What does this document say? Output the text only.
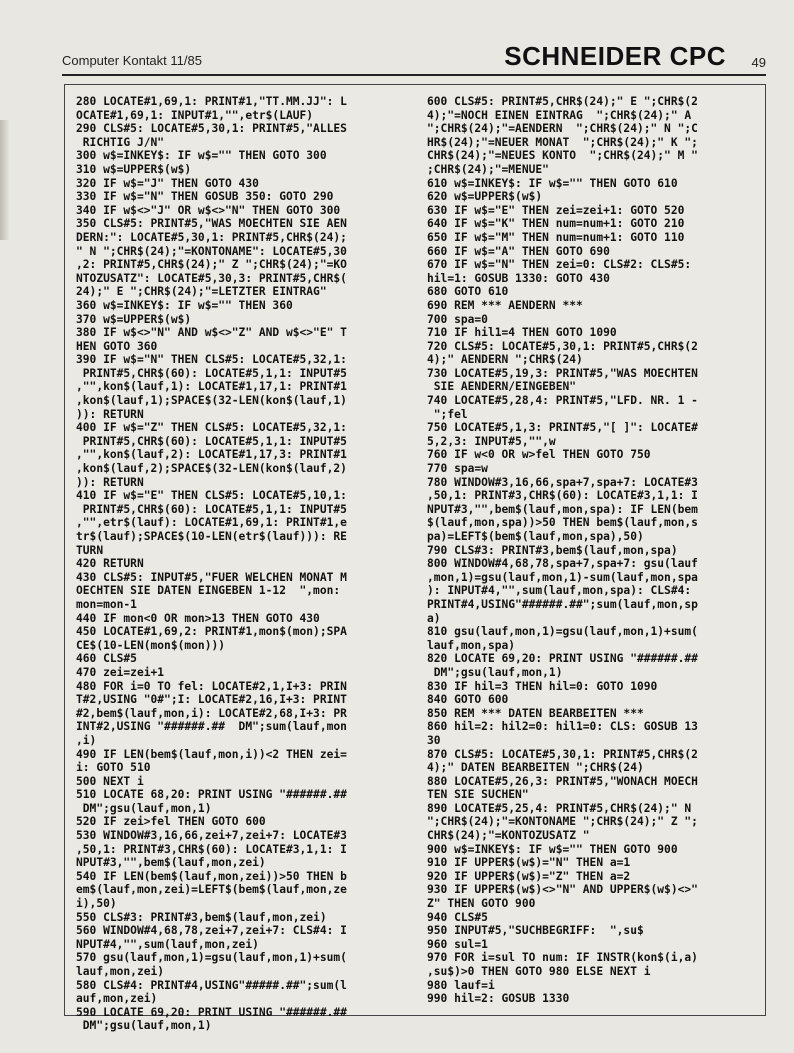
Computer Kontakt 11/85	SCHNEIDER CPC 49
280 LOCATE#1,69,1: PRINT#1,"TT.MM.JJ": L
OCATE#1,69,1: INPUT#1,"",etr$(LAUF)
290 CLS#5: LOCATE#5,30,1: PRINT#5,"ALLES
RICHTIG J/N"
300 w$=INKEY$: IF w$="" THEN GOTO 300
310 w$=UPPER$(w$)
320 IF w$="J" THEN GOTO 430
330 IF w$="N" THEN GOSUB 350: GOTO 290
340 IF w$<>"J" OR w$<>"N" THEN GOTO 300
350 CLS#5: PRINT#5,"WAS MOECHTEN SIE AEN
DERN:": LOCATE#5,30,1: PRINT#5,CHR$(24);
" N ";CHR$(24);"=KONTONAME": LOCATE#5,30
,2: PRINT#5,CHR$(24);" Z ";CHR$(24);"=KO
NTOZUSATZ": LOCATE#5,30,3: PRINT#5,CHR$(
24);" E ";CHR$(24);"=LETZTER EINTRAG"
360 w$=INKEY$: IF w$="" THEN 360
370 w$=UPPER$(w$)
380 IF w$<>"N" AND w$<>"Z" AND w$<>"E" T
HEN GOTO 360
390 IF w$="N" THEN CLS#5: LOCATE#5,32,1:
PRINT#5,CHR$(60): LOCATE#5,1,1: INPUT#5
,"",kon$(lauf,1): LOCATE#1,17,1: PRINT#1
,kon$(lauf,1);SPACE$(32-LEN(kon$(lauf,1)
)): RETURN
400 IF w$="Z" THEN CLS#5: LOCATE#5,32,1:
PRINT#5,CHR$(60): LOCATE#5,1,1: INPUT#5
,"",kon$(lauf,2): LOCATE#1,17,3: PRINT#1
,kon$(lauf,2);SPACE$(32-LEN(kon$(lauf,2)
)): RETURN
410 IF w$="E" THEN CLS#5: LOCATE#5,10,1:
PRINT#5,CHR$(60): LOCATE#5,1,1: INPUT#5
,"",etr$(lauf): LOCATE#1,69,1: PRINT#1,e
tr$(lauf);SPACE$(10-LEN(etr$(lauf))): RE
TURN
420 RETURN
430 CLS#5: INPUT#5,"FUER WELCHEN MONAT M
OECHTEN SIE DATEN EINGEBEN 1-12  ",mon:
mon=mon-1
440 IF mon<0 OR mon>13 THEN GOTO 430
450 LOCATE#1,69,2: PRINT#1,mon$(mon);SPA
CE$(10-LEN(mon$(mon)))
460 CLS#5
470 zei=zei+1
480 FOR i=0 TO fel: LOCATE#2,1,I+3: PRIN
T#2,USING "0#";I: LOCATE#2,16,I+3: PRINT
#2,bem$(lauf,mon,i): LOCATE#2,68,I+3: PR
INT#2,USING "######.##  DM";sum(lauf,mon
,i)
490 IF LEN(bem$(lauf,mon,i))<2 THEN zei=
i: GOTO 510
500 NEXT i
510 LOCATE 68,20: PRINT USING "######.##
DM";gsu(lauf,mon,1)
520 IF zei>fel THEN GOTO 600
530 WINDOW#3,16,66,zei+7,zei+7: LOCATE#3
,50,1: PRINT#3,CHR$(60): LOCATE#3,1,1: I
NPUT#3,"",bem$(lauf,mon,zei)
540 IF LEN(bem$(lauf,mon,zei))>50 THEN b
em$(lauf,mon,zei)=LEFT$(bem$(lauf,mon,ze
i),50)
550 CLS#3: PRINT#3,bem$(lauf,mon,zei)
560 WINDOW#4,68,78,zei+7,zei+7: CLS#4: I
NPUT#4,"",sum(lauf,mon,zei)
570 gsu(lauf,mon,1)=gsu(lauf,mon,1)+sum(
lauf,mon,zei)
580 CLS#4: PRINT#4,USING"#####.##";sum(l
auf,mon,zei)
590 LOCATE 69,20: PRINT USING "######.##
DM";gsu(lauf,mon,1)
600 CLS#5: PRINT#5,CHR$(24);" E ";CHR$(2
4);"=NOCH EINEN EINTRAG  ";CHR$(24);" A
";CHR$(24);"=AENDERN  ";CHR$(24);" N ";C
HR$(24);"=NEUER MONAT  ";CHR$(24);" K ";
CHR$(24);"=NEUES KONTO  ";CHR$(24);" M "
;CHR$(24);"=MENUE"
610 w$=INKEY$: IF w$="" THEN GOTO 610
620 w$=UPPER$(w$)
630 IF w$="E" THEN zei=zei+1: GOTO 520
640 IF w$="K" THEN num=num+1: GOTO 210
650 IF w$="M" THEN num=num+1: GOTO 110
660 IF w$="A" THEN GOTO 690
670 IF w$="N" THEN zei=0: CLS#2: CLS#5:
hil=1: GOSUB 1330: GOTO 430
680 GOTO 610
690 REM *** AENDERN ***
700 spa=0
710 IF hil1=4 THEN GOTO 1090
720 CLS#5: LOCATE#5,30,1: PRINT#5,CHR$(2
4);" AENDERN ";CHR$(24)
730 LOCATE#5,19,3: PRINT#5,"WAS MOECHTEN
SIE AENDERN/EINGEBEN"
740 LOCATE#5,28,4: PRINT#5,"LFD. NR. 1 -
";fel
750 LOCATE#5,1,3: PRINT#5,"[ ]": LOCATE#
5,2,3: INPUT#5,"",w
760 IF w<0 OR w>fel THEN GOTO 750
770 spa=w
780 WINDOW#3,16,66,spa+7,spa+7: LOCATE#3
,50,1: PRINT#3,CHR$(60): LOCATE#3,1,1: I
NPUT#3,"",bem$(lauf,mon,spa): IF LEN(bem
$(lauf,mon,spa))>50 THEN bem$(lauf,mon,s
pa)=LEFT$(bem$(lauf,mon,spa),50)
790 CLS#3: PRINT#3,bem$(lauf,mon,spa)
800 WINDOW#4,68,78,spa+7,spa+7: gsu(lauf
,mon,1)=gsu(lauf,mon,1)-sum(lauf,mon,spa
): INPUT#4,"",sum(lauf,mon,spa): CLS#4:
PRINT#4,USING"######.##";sum(lauf,mon,sp
a)
810 gsu(lauf,mon,1)=gsu(lauf,mon,1)+sum(
lauf,mon,spa)
820 LOCATE 69,20: PRINT USING "######.##
DM";gsu(lauf,mon,1)
830 IF hil=3 THEN hil=0: GOTO 1090
840 GOTO 600
850 REM *** DATEN BEARBEITEN ***
860 hil=2: hil2=0: hil1=0: CLS: GOSUB 13
30
870 CLS#5: LOCATE#5,30,1: PRINT#5,CHR$(2
4);" DATEN BEARBEITEN ";CHR$(24)
880 LOCATE#5,26,3: PRINT#5,"WONACH MOECH
TEN SIE SUCHEN"
890 LOCATE#5,25,4: PRINT#5,CHR$(24);" N
";CHR$(24);"=KONTONAME ";CHR$(24);" Z ";
CHR$(24);"=KONTOZUSATZ "
900 w$=INKEY$: IF w$="" THEN GOTO 900
910 IF UPPER$(w$)="N" THEN a=1
920 IF UPPER$(w$)="Z" THEN a=2
930 IF UPPER$(w$)<>"N" AND UPPER$(w$)<>"
Z" THEN GOTO 900
940 CLS#5
950 INPUT#5,"SUCHBEGRIFF:  ",su$
960 sul=1
970 FOR i=sul TO num: IF INSTR(kon$(i,a)
,su$)>0 THEN GOTO 980 ELSE NEXT i
980 lauf=i
990 hil=2: GOSUB 1330
